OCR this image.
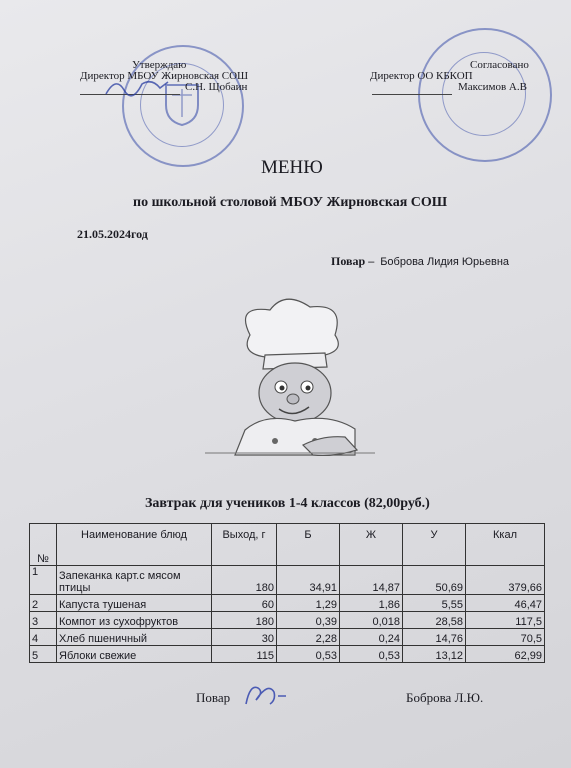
Утверждаю
Директор МБОУ Жирновская СОШ
С.Н. Щобаин
Согласовано
Директор ОО КБКОП
Максимов А.В
МЕНЮ
по школьной столовой МБОУ Жирновская СОШ
21.05.2024год
Повар – Боброва Лидия Юрьевна
Завтрак для учеников 1-4 классов (82,00руб.)
№	Наименование блюд	Выход, г	Б	Ж	У	Ккал
1	Запеканка карт.с мясом птицы	180	34,91	14,87	50,69	379,66
2	Капуста тушеная	60	1,29	1,86	5,55	46,47
3	Компот из сухофруктов	180	0,39	0,018	28,58	117,5
4	Хлеб пшеничный	30	2,28	0,24	14,76	70,5
5	Яблоки свежие	115	0,53	0,53	13,12	62,99
Повар	Боброва Л.Ю.
